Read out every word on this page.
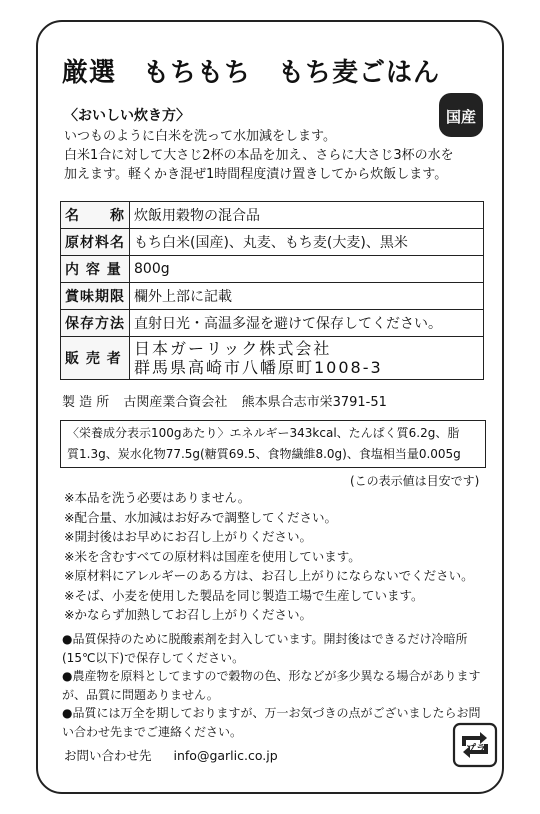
厳選　もちもち　もち麦ごはん
国産
〈おいしい炊き方〉
いつものように白米を洗って水加減をします。
白米1合に対して大さじ2杯の本品を加え、さらに大さじ3杯の水を
加えます。軽くかき混ぜ1時間程度漬け置きしてから炊飯します。
名　　称	炊飯用穀物の混合品
原材料名	もち白米(国産)、丸麦、もち麦(大麦)、黒米
内 容 量	800g
賞味期限	欄外上部に記載
保存方法	直射日光・高温多湿を避けて保存してください。
販 売 者	日本ガーリック株式会社
群馬県高崎市八幡原町1008-3
製 造 所 古関産業合資会社 熊本県合志市栄3791-51
〈栄養成分表示100gあたり〉エネルギー343kcal、たんぱく質6.2g、脂
質1.3g、炭水化物77.5g(糖質69.5、食物繊維8.0g)、食塩相当量0.005g
(この表示値は目安です)
※本品を洗う必要はありません。
※配合量、水加減はお好みで調整してください。
※開封後はお早めにお召し上がりください。
※米を含むすべての原材料は国産を使用しています。
※原材料にアレルギーのある方は、お召し上がりにならないでください。
※そば、小麦を使用した製品を同じ製造工場で生産しています。
※かならず加熱してお召し上がりください。
●品質保持のために脱酸素剤を封入しています。開封後はできるだけ冷暗所(15℃以下)で保存してください。
●農産物を原料としてますので穀物の色、形などが多少異なる場合がありますが、品質に問題ありません。
●品質には万全を期しておりますが、万一お気づきの点がございましたらお問い合わせ先までご連絡ください。
お問い合わせ先 info@garlic.co.jp	プラ
